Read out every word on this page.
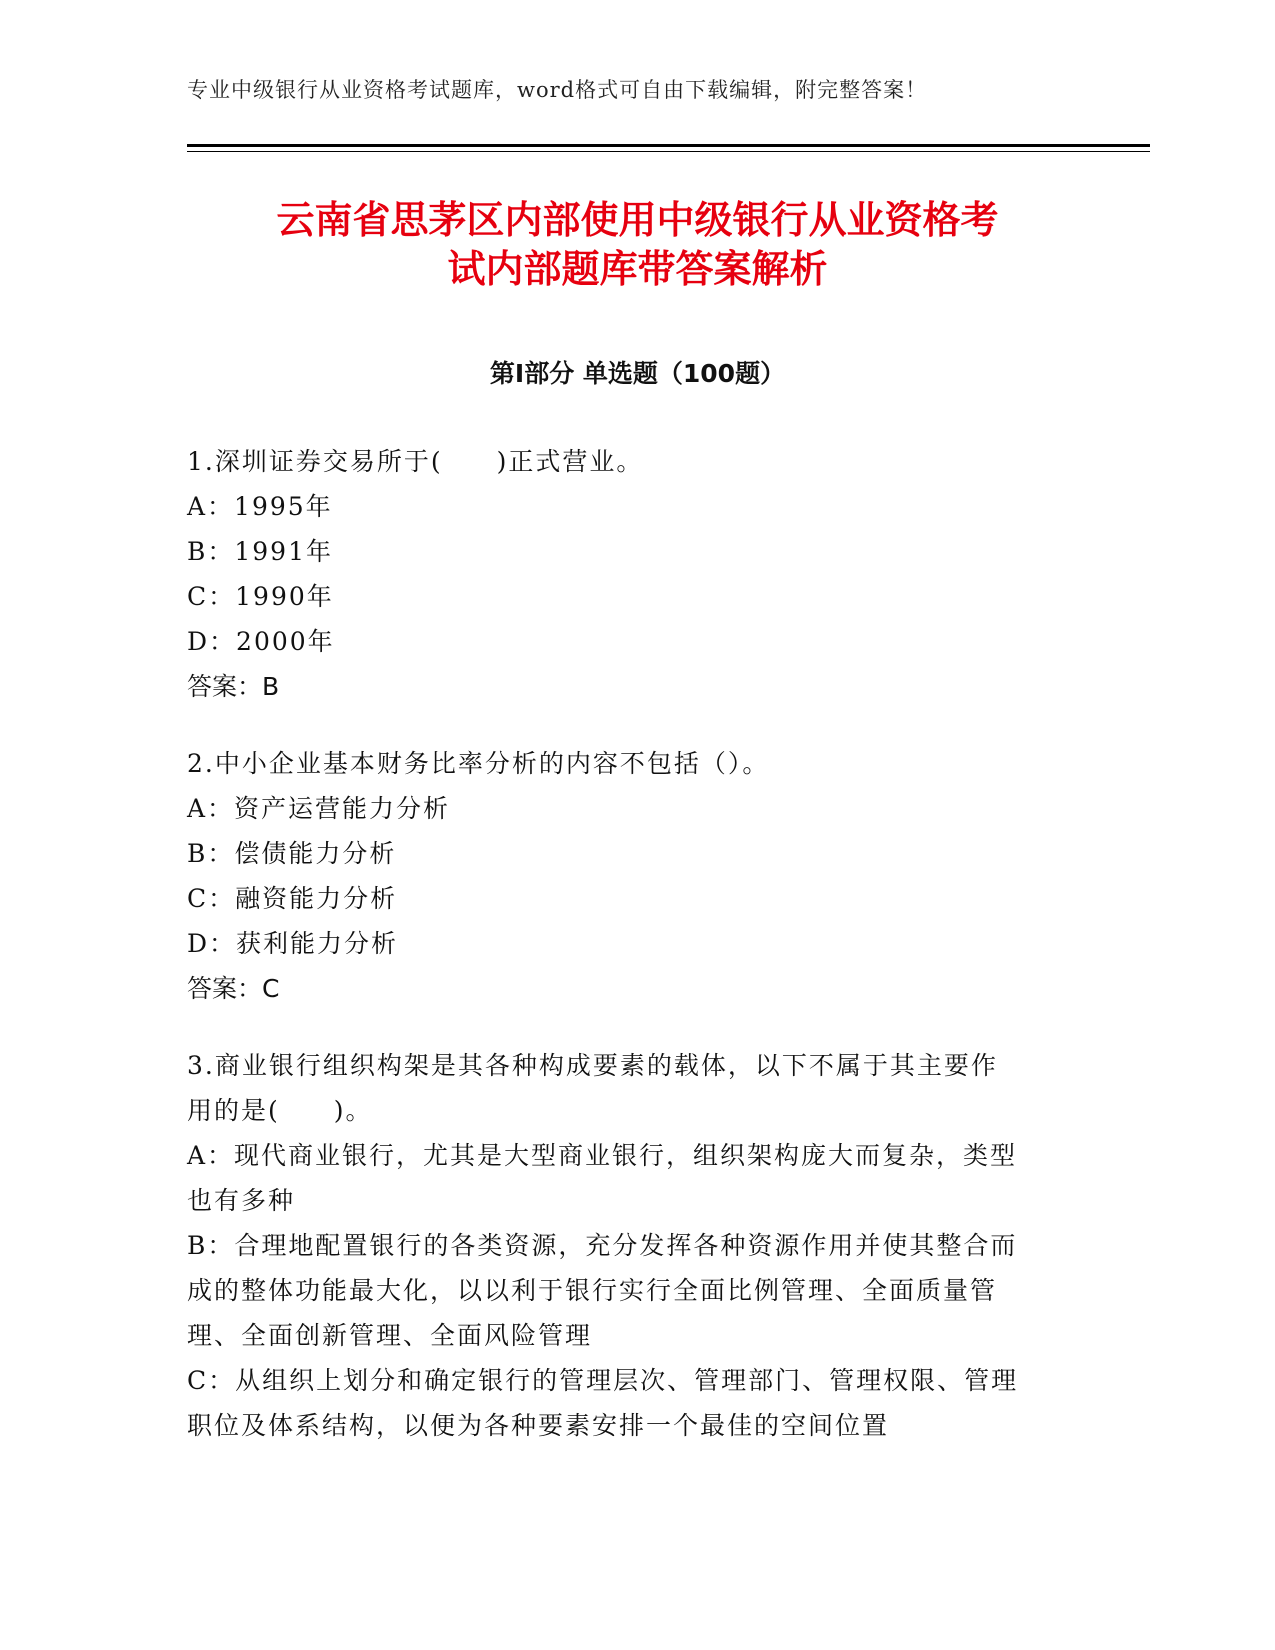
专业中级银行从业资格考试题库，word格式可自由下载编辑，附完整答案！
云南省思茅区内部使用中级银行从业资格考
试内部题库带答案解析
第Ⅰ部分 单选题（100题）
1.深圳证券交易所于(　　)正式营业。
A：1995年
B：1991年
C：1990年
D：2000年
答案：B
2.中小企业基本财务比率分析的内容不包括（）。
A：资产运营能力分析
B：偿债能力分析
C：融资能力分析
D：获利能力分析
答案：C
3.商业银行组织构架是其各种构成要素的载体，以下不属于其主要作
用的是(　　)。
A：现代商业银行，尤其是大型商业银行，组织架构庞大而复杂，类型
也有多种
B：合理地配置银行的各类资源，充分发挥各种资源作用并使其整合而
成的整体功能最大化，以以利于银行实行全面比例管理、全面质量管
理、全面创新管理、全面风险管理
C：从组织上划分和确定银行的管理层次、管理部门、管理权限、管理
职位及体系结构，以便为各种要素安排一个最佳的空间位置
